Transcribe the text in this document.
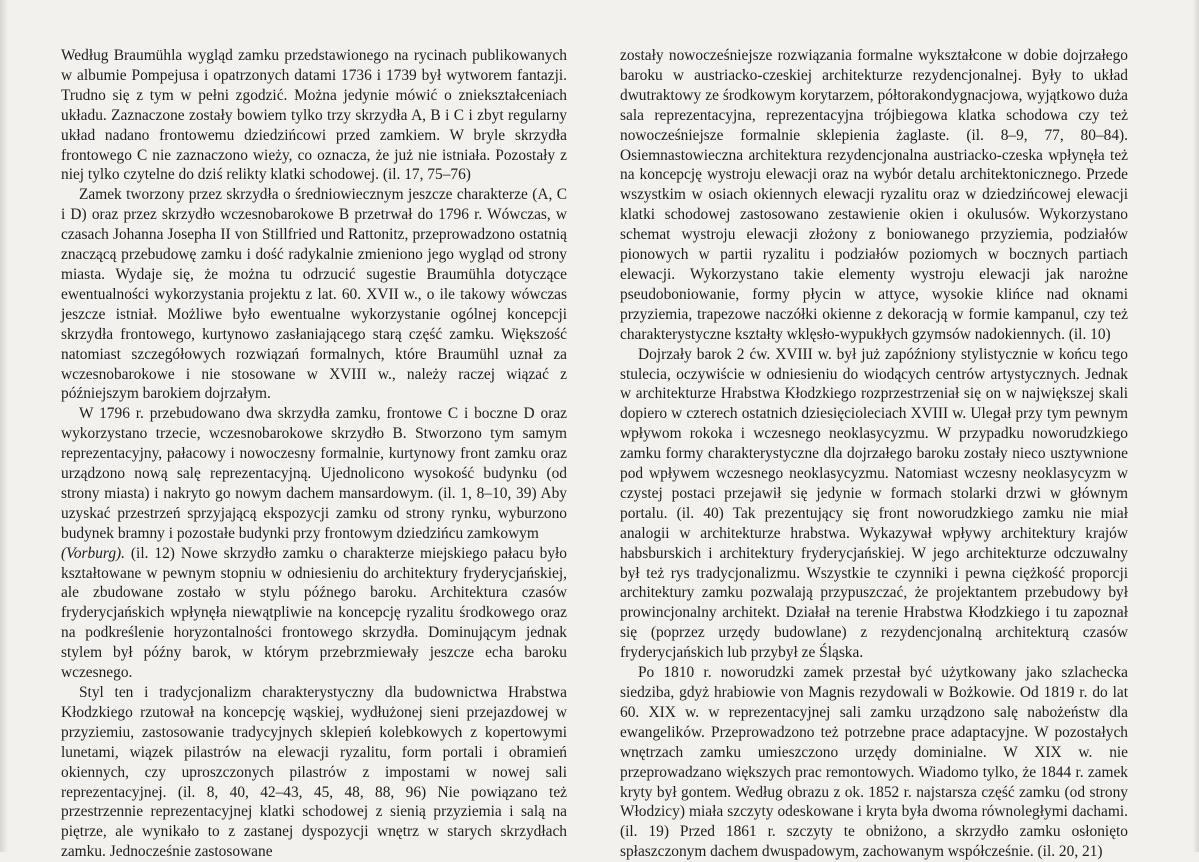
Według Braumühla wygląd zamku przedstawionego na rycinach publikowanych w albumie Pompejusa i opatrzonych datami 1736 i 1739 był wytworem fantazji. Trudno się z tym w pełni zgodzić. Można jedynie mówić o zniekształceniach układu. Zaznaczone zostały bowiem tylko trzy skrzydła A, B i C i zbyt regularny układ nadano frontowemu dziedzińcowi przed zamkiem. W bryle skrzydła frontowego C nie zaznaczono wieży, co oznacza, że już nie istniała. Pozostały z niej tylko czytelne do dziś relikty klatki schodowej. (il. 17, 75–76)

Zamek tworzony przez skrzydła o średniowiecznym jeszcze charakterze (A, C i D) oraz przez skrzydło wczesnobarokowe B przetrwał do 1796 r. Wówczas, w czasach Johanna Josepha II von Stillfried und Rattonitz, przeprowadzono ostatnią znaczącą przebudowę zamku i dość radykalnie zmieniono jego wygląd od strony miasta. Wydaje się, że można tu odrzucić sugestie Braumühla dotyczące ewentualności wykorzystania projektu z lat. 60. XVII w., o ile takowy wówczas jeszcze istniał. Możliwe było ewentualne wykorzystanie ogólnej koncepcji skrzydła frontowego, kurtynowo zasłaniającego starą część zamku. Większość natomiast szczegółowych rozwiązań formalnych, które Braumühl uznał za wczesnobarokowe i nie stosowane w XVIII w., należy raczej wiązać z późniejszym barokiem dojrzałym.

W 1796 r. przebudowano dwa skrzydła zamku, frontowe C i boczne D oraz wykorzystano trzecie, wczesnobarokowe skrzydło B. Stworzono tym samym reprezentacyjny, pałacowy i nowoczesny formalnie, kurtynowy front zamku oraz urządzono nową salę reprezentacyjną. Ujednolicono wysokość budynku (od strony miasta) i nakryto go nowym dachem mansardowym. (il. 1, 8–10, 39) Aby uzyskać przestrzeń sprzyjającą ekspozycji zamku od strony rynku, wyburzono budynek bramny i pozostałe budynki przy frontowym dziedzińcu zamkowym

(Vorburg). (il. 12) Nowe skrzydło zamku o charakterze miejskiego pałacu było kształtowane w pewnym stopniu w odniesieniu do architektury fryderycjańskiej, ale zbudowane zostało w stylu późnego baroku. Architektura czasów fryderycjańskich wpłynęła niewątpliwie na koncepcję ryzalitu środkowego oraz na podkreślenie horyzontalności frontowego skrzydła. Dominującym jednak stylem był późny barok, w którym przebrzmiewały jeszcze echa baroku wczesnego.

Styl ten i tradycjonalizm charakterystyczny dla budownictwa Hrabstwa Kłodzkiego rzutował na koncepcję wąskiej, wydłużonej sieni przejazdowej w przyziemiu, zastosowanie tradycyjnych sklepień kolebkowych z kopertowymi lunetami, wiązek pilastrów na elewacji ryzalitu, form portali i obramień okiennych, czy uproszczonych pilastrów z impostami w nowej sali reprezentacyjnej. (il. 8, 40, 42–43, 45, 48, 88, 96) Nie powiązano też przestrzennie reprezentacyjnej klatki schodowej z sienią przyziemia i salą na piętrze, ale wynikało to z zastanej dyspozycji wnętrz w starych skrzydłach zamku. Jednocześnie zastosowane

zostały nowocześniejsze rozwiązania formalne wykształcone w dobie dojrzałego baroku w austriacko-czeskiej architekturze rezydencjonalnej. Były to układ dwutraktowy ze środkowym korytarzem, półtorakondygnacjowa, wyjątkowo duża sala reprezentacyjna, reprezentacyjna trójbiegowa klatka schodowa czy też nowocześniejsze formalnie sklepienia żaglaste. (il. 8–9, 77, 80–84). Osiemnastowieczna architektura rezydencjonalna austriacko-czeska wpłynęła też na koncepcję wystroju elewacji oraz na wybór detalu architektonicznego. Przede wszystkim w osiach okiennych elewacji ryzalitu oraz w dziedzińcowej elewacji klatki schodowej zastosowano zestawienie okien i okulusów. Wykorzystano schemat wystroju elewacji złożony z boniowanego przyziemia, podziałów pionowych w partii ryzalitu i podziałów poziomych w bocznych partiach elewacji. Wykorzystano takie elementy wystroju elewacji jak narożne pseudoboniowanie, formy płycin w attyce, wysokie klińce nad oknami przyziemia, trapezowe naczółki okienne z dekoracją w formie kampanul, czy też charakterystyczne kształty wklęsło-wypukłych gzymsów nadokiennych. (il. 10)

Dojrzały barok 2 ćw. XVIII w. był już zapóźniony stylistycznie w końcu tego stulecia, oczywiście w odniesieniu do wiodących centrów artystycznych. Jednak w architekturze Hrabstwa Kłodzkiego rozprzestrzeniał się on w największej skali dopiero w czterech ostatnich dziesięcioleciach XVIII w. Ulegał przy tym pewnym wpływom rokoka i wczesnego neoklasycyzmu. W przypadku noworudzkiego zamku formy charakterystyczne dla dojrzałego baroku zostały nieco usztywnione pod wpływem wczesnego neoklasycyzmu. Natomiast wczesny neoklasycyzm w czystej postaci przejawił się jedynie w formach stolarki drzwi w głównym portalu. (il. 40) Tak prezentujący się front noworudzkiego zamku nie miał analogii w architekturze hrabstwa. Wykazywał wpływy architektury krajów habsburskich i architektury fryderycjańskiej. W jego architekturze odczuwalny był też rys tradycjonalizmu. Wszystkie te czynniki i pewna ciężkość proporcji architektury zamku pozwalają przypuszczać, że projektantem przebudowy był prowincjonalny architekt. Działał na terenie Hrabstwa Kłodzkiego i tu zapoznał się (poprzez urzędy budowlane) z rezydencjonalną architekturą czasów fryderycjańskich lub przybył ze Śląska.

Po 1810 r. noworudzki zamek przestał być użytkowany jako szlachecka siedziba, gdyż hrabiowie von Magnis rezydowali w Bożkowie. Od 1819 r. do lat 60. XIX w. w reprezentacyjnej sali zamku urządzono salę nabożeństw dla ewangelików. Przeprowadzono też potrzebne prace adaptacyjne. W pozostałych wnętrzach zamku umieszczono urzędy dominialne. W XIX w. nie przeprowadzano większych prac remontowych. Wiadomo tylko, że 1844 r. zamek kryty był gontem. Według obrazu z ok. 1852 r. najstarsza część zamku (od strony Włodzicy) miała szczyty odeskowane i kryta była dwoma równoległymi dachami. (il. 19) Przed 1861 r. szczyty te obniżono, a skrzydło zamku osłonięto spłaszczonym dachem dwuspadowym, zachowanym współcześnie. (il. 20, 21)
